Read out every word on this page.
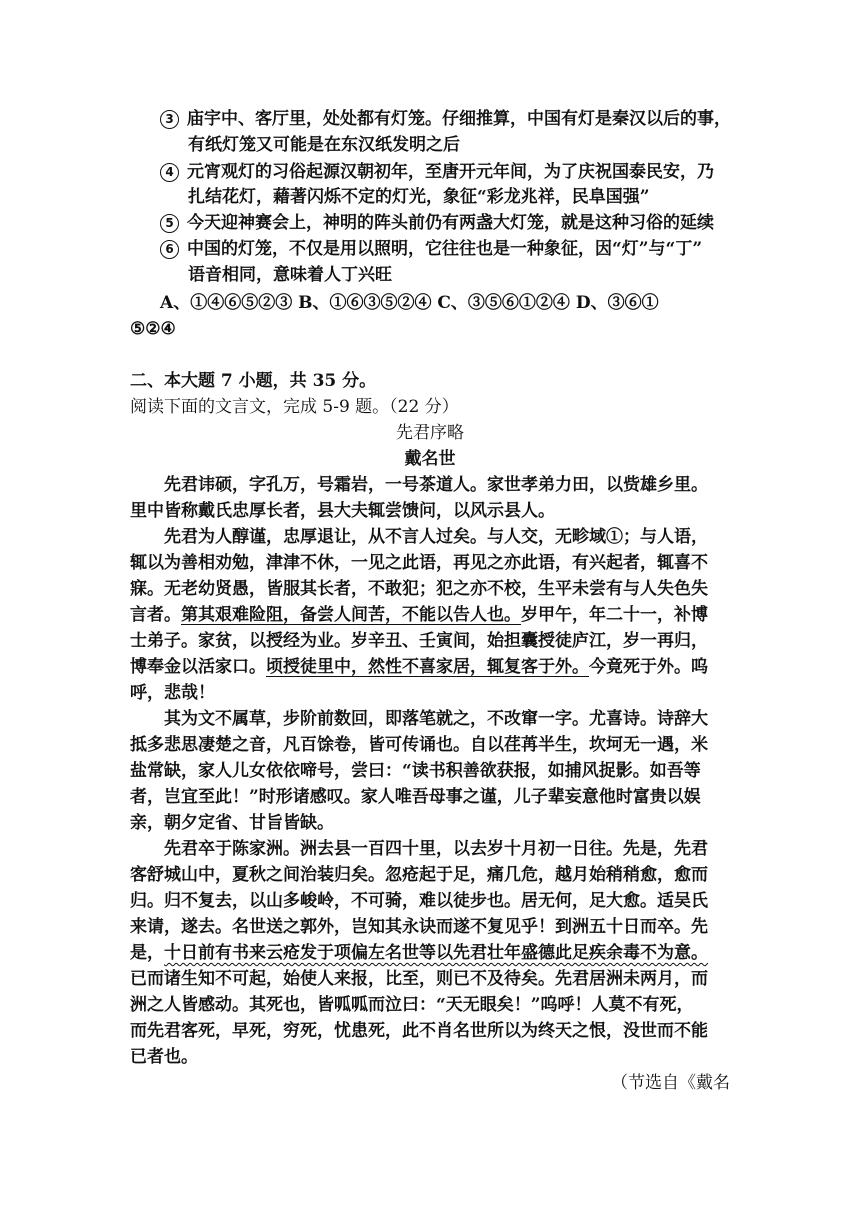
3 庙宇中、客厅里，处处都有灯笼。仔细推算，中国有灯是秦汉以后的事，
有纸灯笼又可能是在东汉纸发明之后
4 元宵观灯的习俗起源汉朝初年，至唐开元年间，为了庆祝国泰民安，乃
扎结花灯，藉著闪烁不定的灯光，象征“彩龙兆祥，民阜国强”
5 今天迎神赛会上，神明的阵头前仍有两盏大灯笼，就是这种习俗的延续
6 中国的灯笼，不仅是用以照明，它往往也是一种象征，因“灯”与“丁”
语音相同，意味着人丁兴旺
A、①④⑥⑤②③ B、①⑥③⑤②④ C、③⑤⑥①②④ D、③⑥①
⑤②④
二、本大题 7 小题，共 35 分。
阅读下面的文言文，完成 5-9 题。（22 分）
先君序略
戴名世
先君讳硕，字孔万，号霜岩，一号茶道人。家世孝弟力田，以赀雄乡里。
里中皆称戴氏忠厚长者，县大夫辄尝馈问，以风示县人。
先君为人醇谨，忠厚退让，从不言人过矣。与人交，无畛域①；与人语，
辄以为善相劝勉，津津不休，一见之此语，再见之亦此语，有兴起者，辄喜不
寐。无老幼贤愚，皆服其长者，不敢犯；犯之亦不校，生平未尝有与人失色失
言者。第其艰难险阻，备尝人间苦，不能以告人也。岁甲午，年二十一，补博
士弟子。家贫，以授经为业。岁辛丑、壬寅间，始担囊授徒庐江，岁一再归，
博奉金以活家口。顷授徒里中，然性不喜家居，辄复客于外。今竟死于外。呜
呼，悲哉！
其为文不属草，步阶前数回，即落笔就之，不改窜一字。尤喜诗。诗辞大
抵多悲思凄楚之音，凡百馀卷，皆可传诵也。自以荏苒半生，坎坷无一遇，米
盐常缺，家人儿女依依啼号，尝曰：“读书积善欲获报，如捕风捉影。如吾等
者，岂宜至此！”时形诸感叹。家人唯吾母事之谨，儿子辈妄意他时富贵以娱
亲，朝夕定省、甘旨皆缺。
先君卒于陈家洲。洲去县一百四十里，以去岁十月初一日往。先是，先君
客舒城山中，夏秋之间治装归矣。忽疮起于足，痛几危，越月始稍稍愈，愈而
归。归不复去，以山多峻岭，不可骑，难以徒步也。居无何，足大愈。适吴氏
来请，遂去。名世送之郭外，岂知其永诀而遂不复见乎！到洲五十日而卒。先
是，十日前有书来云疮发于项偏左名世等以先君壮年盛德此足疾余毒不为意。
已而诸生知不可起，始使人来报，比至，则已不及待矣。先君居洲未两月，而
洲之人皆感动。其死也，皆呱呱而泣曰：“天无眼矣！”呜呼！人莫不有死，
而先君客死，早死，穷死，忧患死，此不肖名世所以为终天之恨，没世而不能
已者也。
（节选自《戴名
